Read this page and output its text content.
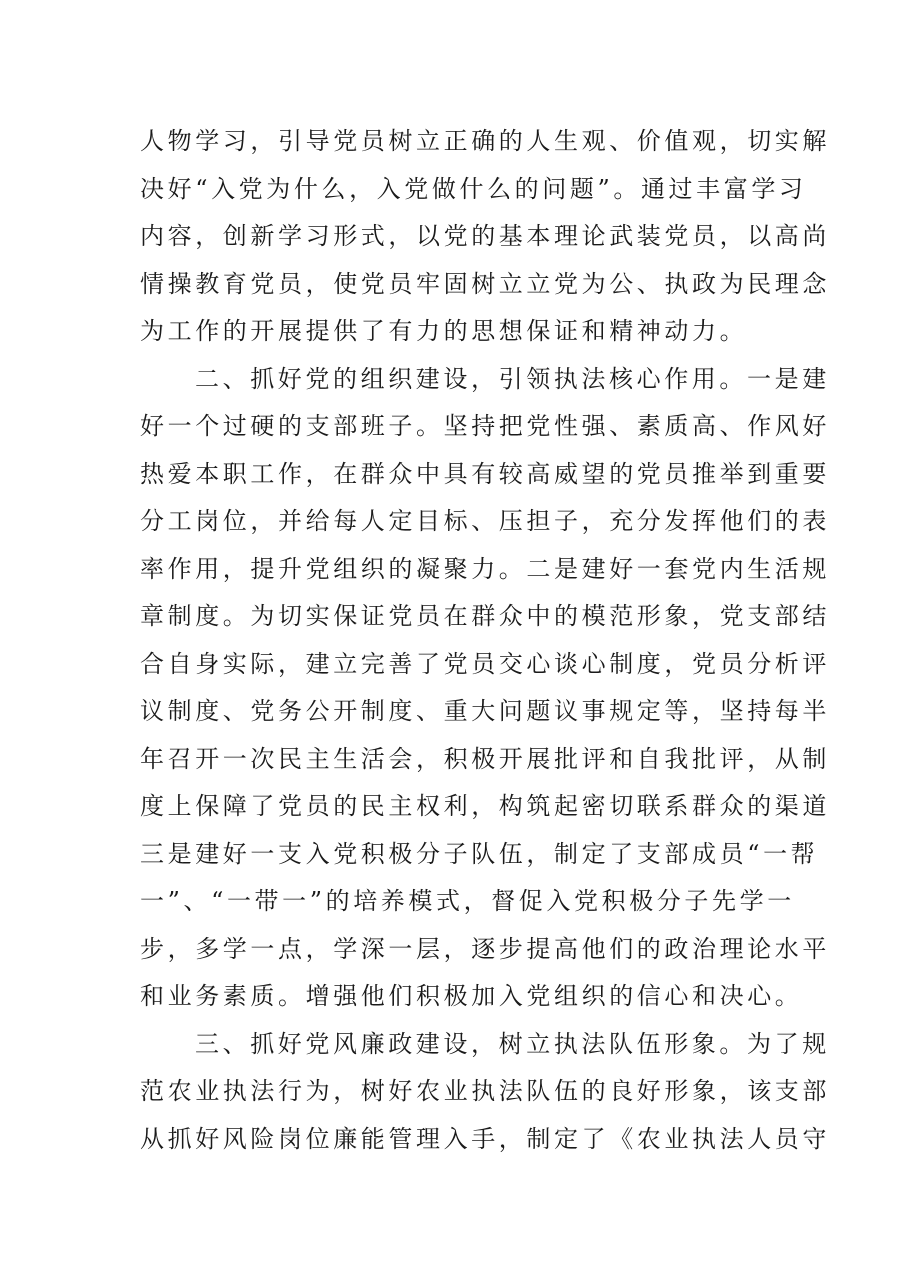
人物学习，引导党员树立正确的人生观、价值观，切实解
决好“入党为什么，入党做什么的问题”。通过丰富学习
内容，创新学习形式，以党的基本理论武装党员，以高尚
情操教育党员，使党员牢固树立立党为公、执政为民理念
为工作的开展提供了有力的思想保证和精神动力。
二、抓好党的组织建设，引领执法核心作用。一是建
好一个过硬的支部班子。坚持把党性强、素质高、作风好
热爱本职工作，在群众中具有较高威望的党员推举到重要
分工岗位，并给每人定目标、压担子，充分发挥他们的表
率作用，提升党组织的凝聚力。二是建好一套党内生活规
章制度。为切实保证党员在群众中的模范形象，党支部结
合自身实际，建立完善了党员交心谈心制度，党员分析评
议制度、党务公开制度、重大问题议事规定等，坚持每半
年召开一次民主生活会，积极开展批评和自我批评，从制
度上保障了党员的民主权利，构筑起密切联系群众的渠道
三是建好一支入党积极分子队伍，制定了支部成员“一帮
一”、“一带一”的培养模式，督促入党积极分子先学一
步，多学一点，学深一层，逐步提高他们的政治理论水平
和业务素质。增强他们积极加入党组织的信心和决心。
三、抓好党风廉政建设，树立执法队伍形象。为了规
范农业执法行为，树好农业执法队伍的良好形象，该支部
从抓好风险岗位廉能管理入手，制定了《农业执法人员守
